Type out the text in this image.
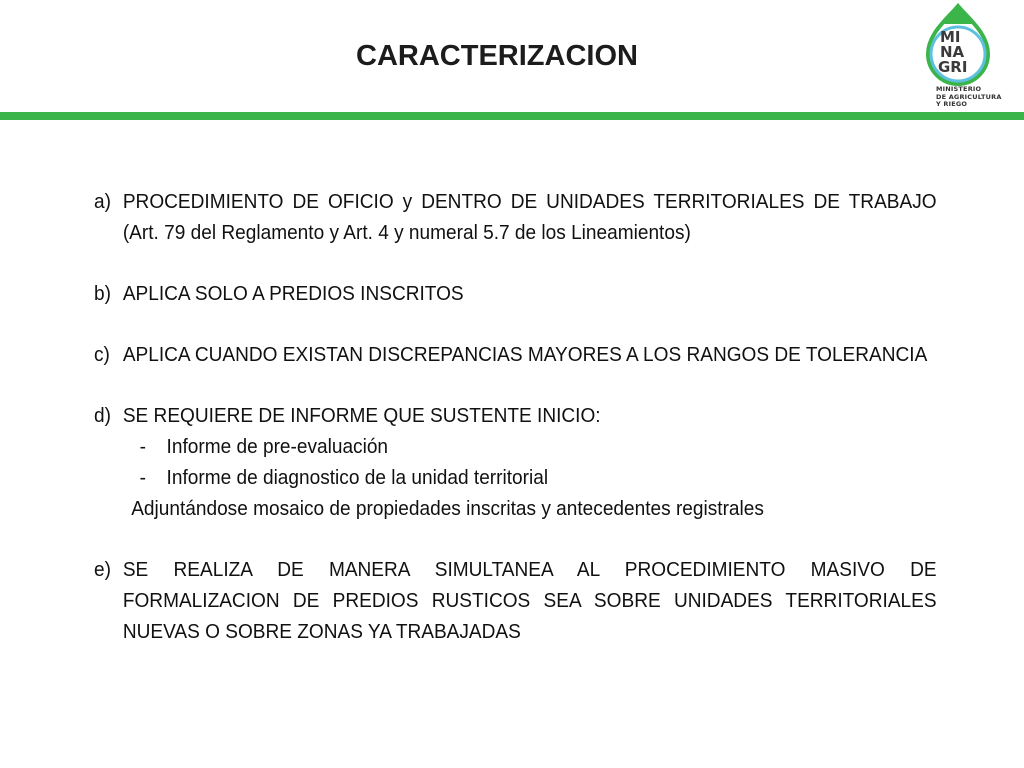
CARACTERIZACION
MI
NA
GRI
MINISTERIO
DE AGRICULTURA
Y RIEGO
a) PROCEDIMIENTO DE OFICIO y DENTRO DE UNIDADES TERRITORIALES DE TRABAJO (Art. 79 del Reglamento y Art. 4 y numeral 5.7 de los Lineamientos)
b) APLICA SOLO A PREDIOS INSCRITOS
c) APLICA CUANDO EXISTAN DISCREPANCIAS MAYORES A LOS RANGOS DE TOLERANCIA
d) SE REQUIERE DE INFORME QUE SUSTENTE INICIO:
- Informe de pre-evaluación
- Informe de diagnostico de la unidad territorial
Adjuntándose mosaico de propiedades inscritas y antecedentes registrales
e) SE REALIZA DE MANERA SIMULTANEA AL PROCEDIMIENTO MASIVO DE FORMALIZACION DE PREDIOS RUSTICOS SEA SOBRE UNIDADES TERRITORIALES NUEVAS O SOBRE ZONAS YA TRABAJADAS
